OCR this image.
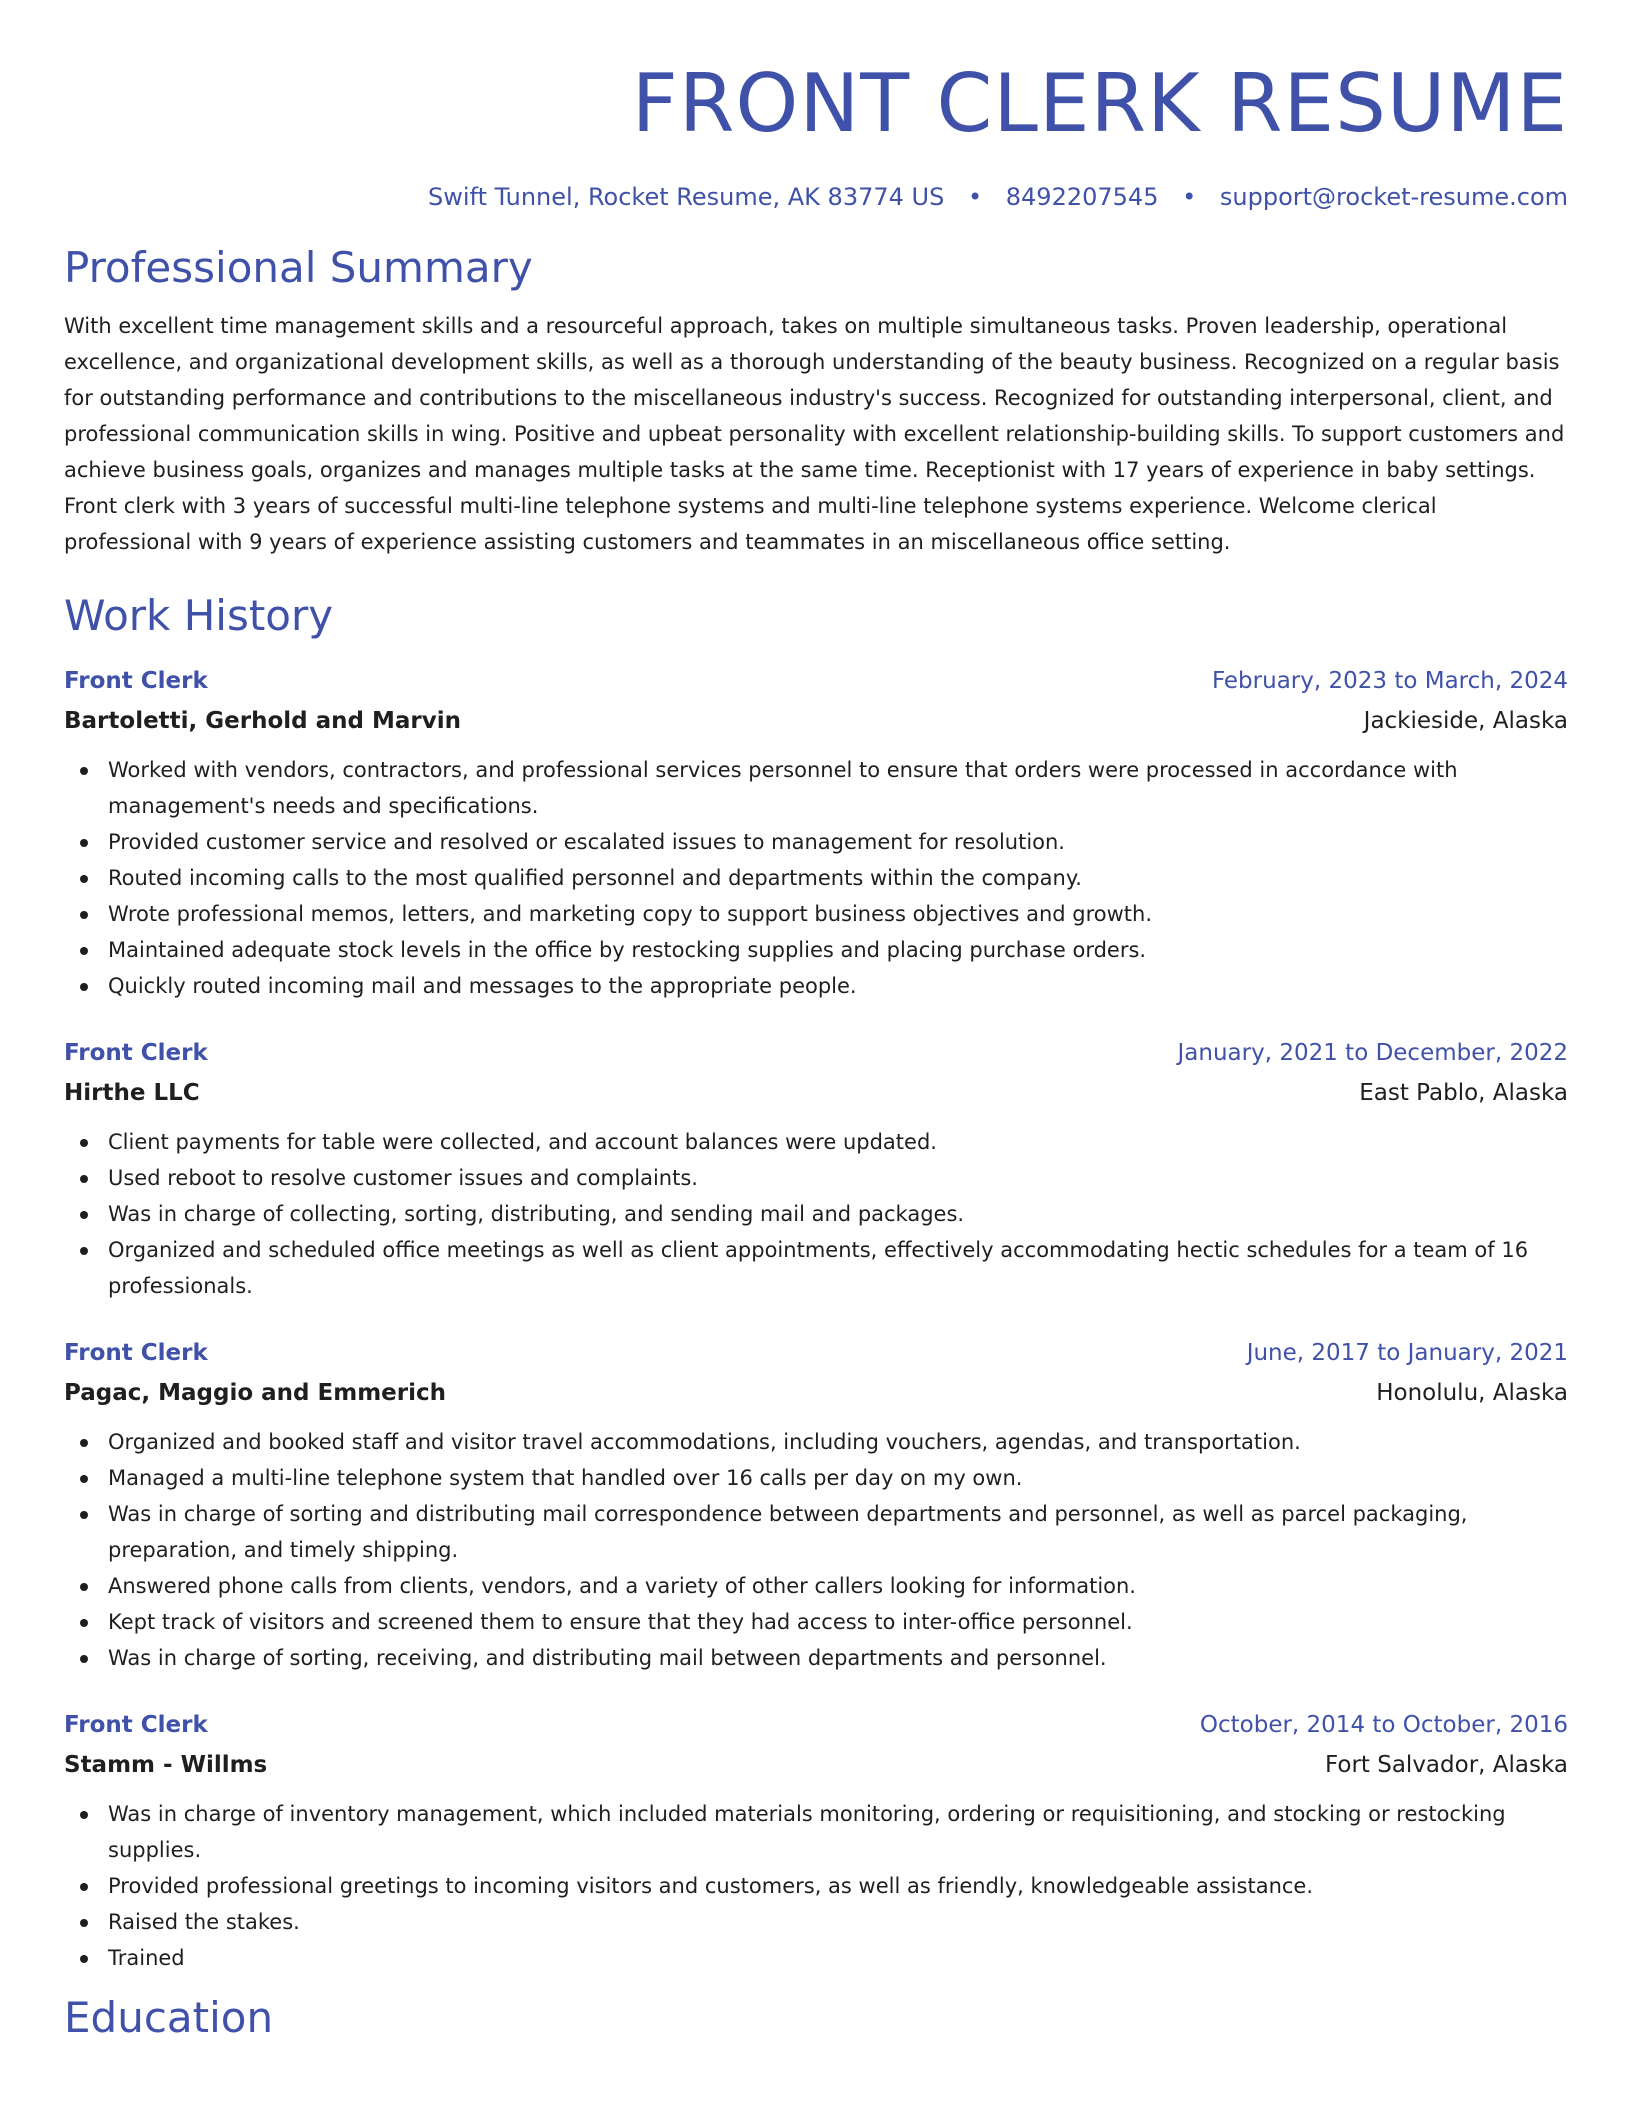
FRONT CLERK RESUME
Swift Tunnel, Rocket Resume, AK 83774 US • 8492207545 • support@rocket-resume.com
Professional Summary
With excellent time management skills and a resourceful approach, takes on multiple simultaneous tasks. Proven leadership, operational excellence, and organizational development skills, as well as a thorough understanding of the beauty business. Recognized on a regular basis for outstanding performance and contributions to the miscellaneous industry's success. Recognized for outstanding interpersonal, client, and professional communication skills in wing. Positive and upbeat personality with excellent relationship-building skills. To support customers and achieve business goals, organizes and manages multiple tasks at the same time. Receptionist with 17 years of experience in baby settings. Front clerk with 3 years of successful multi-line telephone systems and multi-line telephone systems experience. Welcome clerical professional with 9 years of experience assisting customers and teammates in an miscellaneous office setting.
Work History
Front Clerk	February, 2023 to March, 2024
Bartoletti, Gerhold and Marvin	Jackieside, Alaska
Worked with vendors, contractors, and professional services personnel to ensure that orders were processed in accordance with management's needs and specifications.
Provided customer service and resolved or escalated issues to management for resolution.
Routed incoming calls to the most qualified personnel and departments within the company.
Wrote professional memos, letters, and marketing copy to support business objectives and growth.
Maintained adequate stock levels in the office by restocking supplies and placing purchase orders.
Quickly routed incoming mail and messages to the appropriate people.
Front Clerk	January, 2021 to December, 2022
Hirthe LLC	East Pablo, Alaska
Client payments for table were collected, and account balances were updated.
Used reboot to resolve customer issues and complaints.
Was in charge of collecting, sorting, distributing, and sending mail and packages.
Organized and scheduled office meetings as well as client appointments, effectively accommodating hectic schedules for a team of 16 professionals.
Front Clerk	June, 2017 to January, 2021
Pagac, Maggio and Emmerich	Honolulu, Alaska
Organized and booked staff and visitor travel accommodations, including vouchers, agendas, and transportation.
Managed a multi-line telephone system that handled over 16 calls per day on my own.
Was in charge of sorting and distributing mail correspondence between departments and personnel, as well as parcel packaging, preparation, and timely shipping.
Answered phone calls from clients, vendors, and a variety of other callers looking for information.
Kept track of visitors and screened them to ensure that they had access to inter-office personnel.
Was in charge of sorting, receiving, and distributing mail between departments and personnel.
Front Clerk	October, 2014 to October, 2016
Stamm - Willms	Fort Salvador, Alaska
Was in charge of inventory management, which included materials monitoring, ordering or requisitioning, and stocking or restocking supplies.
Provided professional greetings to incoming visitors and customers, as well as friendly, knowledgeable assistance.
Raised the stakes.
Trained
Education
